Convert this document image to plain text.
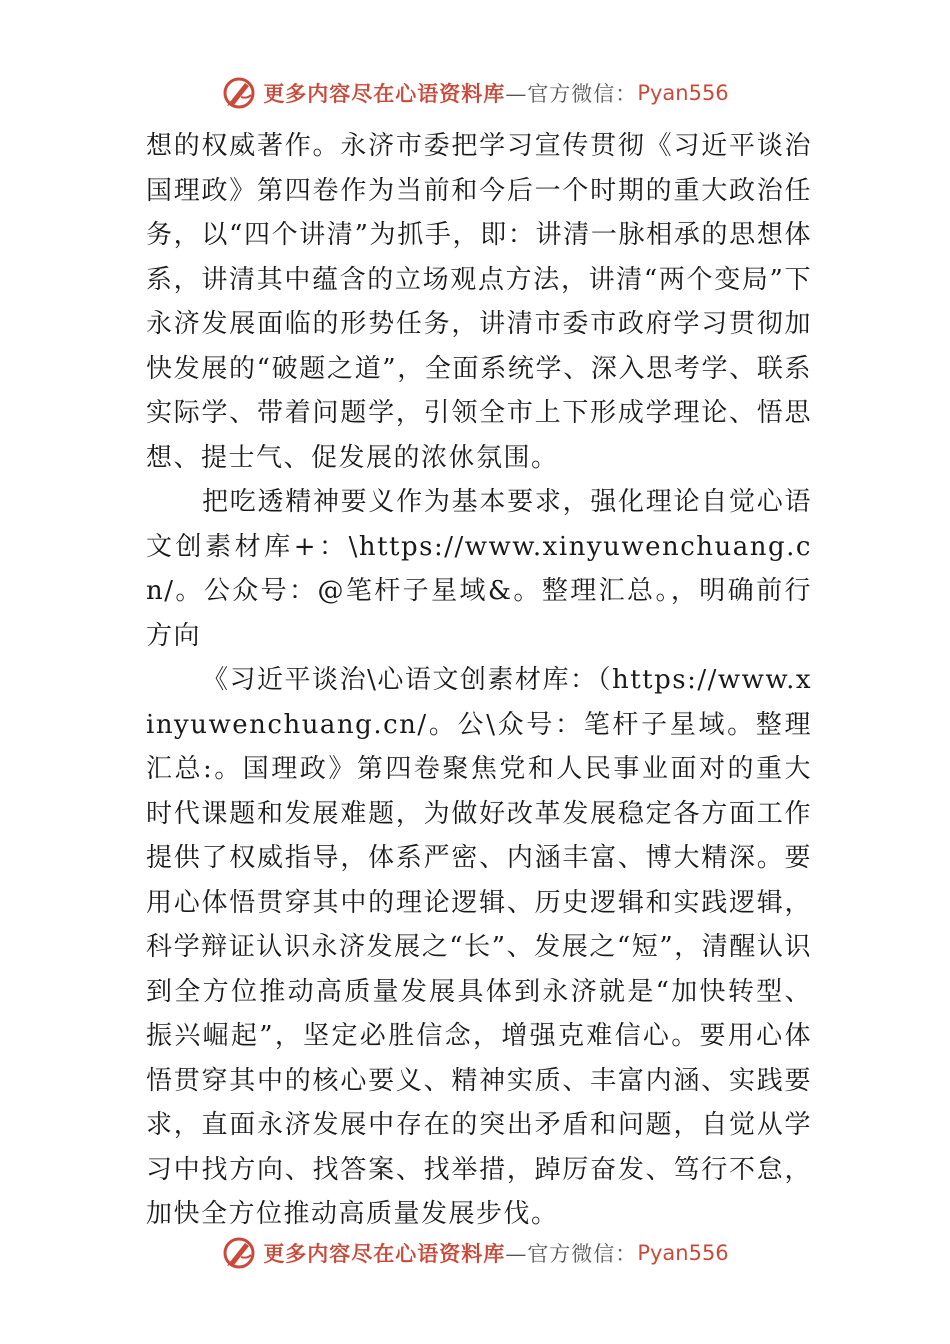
更多内容尽在心语资料库 —官方微信： Pyan556

想的权威著作。永济市委把学习宣传贯彻《习近平谈治国理政》第四卷作为当前和今后一个时期的重大政治任务，以“四个讲清”为抓手，即：讲清一脉相承的思想体系，讲清其中蕴含的立场观点方法，讲清“两个变局”下永济发展面临的形势任务，讲清市委市政府学习贯彻加快发展的“破题之道”，全面系统学、深入思考学、联系实际学、带着问题学，引领全市上下形成学理论、悟思想、提士气、促发展的浓㲻氛围。

把吃透精神要义作为基本要求，强化理论自觉心语文创素材库+：\https://www.xinyuwenchuang.cn/。公众号：@笔杆子星域&。整理汇总。，明确前行方向

《习近平谈治\心语文创素材库：（https://www.xinyuwenchuang.cn/。公\众号：笔杆子星域。整理汇总:。国理政》第四卷聚焦党和人民事业面对的重大时代课题和发展难题，为做好改革发展稳定各方面工作提供了权威指导，体系严密、内涵丰富、博大精深。要用心体悟贯穿其中的理论逻辑、历史逻辑和实践逻辑，科学辩证认识永济发展之“长”、发展之“短”，清醒认识到全方位推动高质量发展具体到永济就是“加快转型、振兴崛起”，坚定必胜信念，增强克难信心。要用心体悟贯穿其中的核心要义、精神实质、丰富内涵、实践要求，直面永济发展中存在的突出矛盾和问题，自觉从学习中找方向、找答案、找举措，踔厉奋发、笃行不怠，加快全方位推动高质量发展步伐。

更多内容尽在心语资料库 —官方微信： Pyan556
